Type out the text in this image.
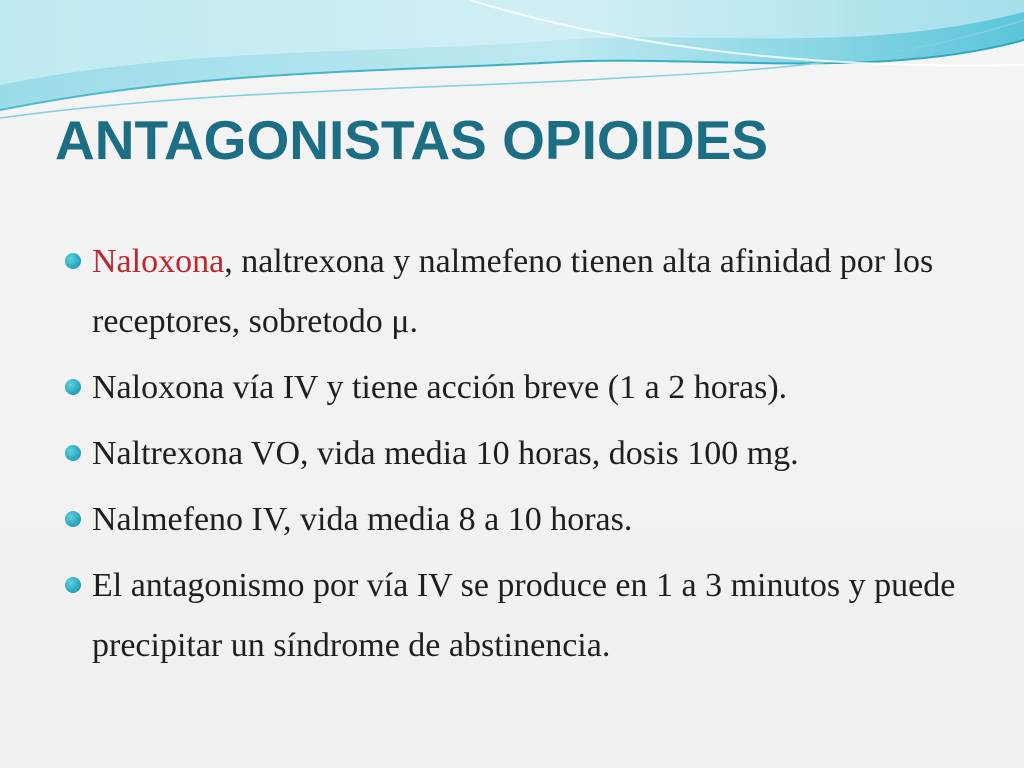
ANTAGONISTAS OPIOIDES
Naloxona, naltrexona y nalmefeno tienen alta afinidad por los receptores, sobretodo μ.
Naloxona vía IV y tiene acción breve (1 a 2 horas).
Naltrexona VO, vida media 10 horas, dosis 100 mg.
Nalmefeno IV, vida media 8 a 10 horas.
El antagonismo por vía IV se produce en 1 a 3 minutos y puede precipitar un síndrome de abstinencia.
